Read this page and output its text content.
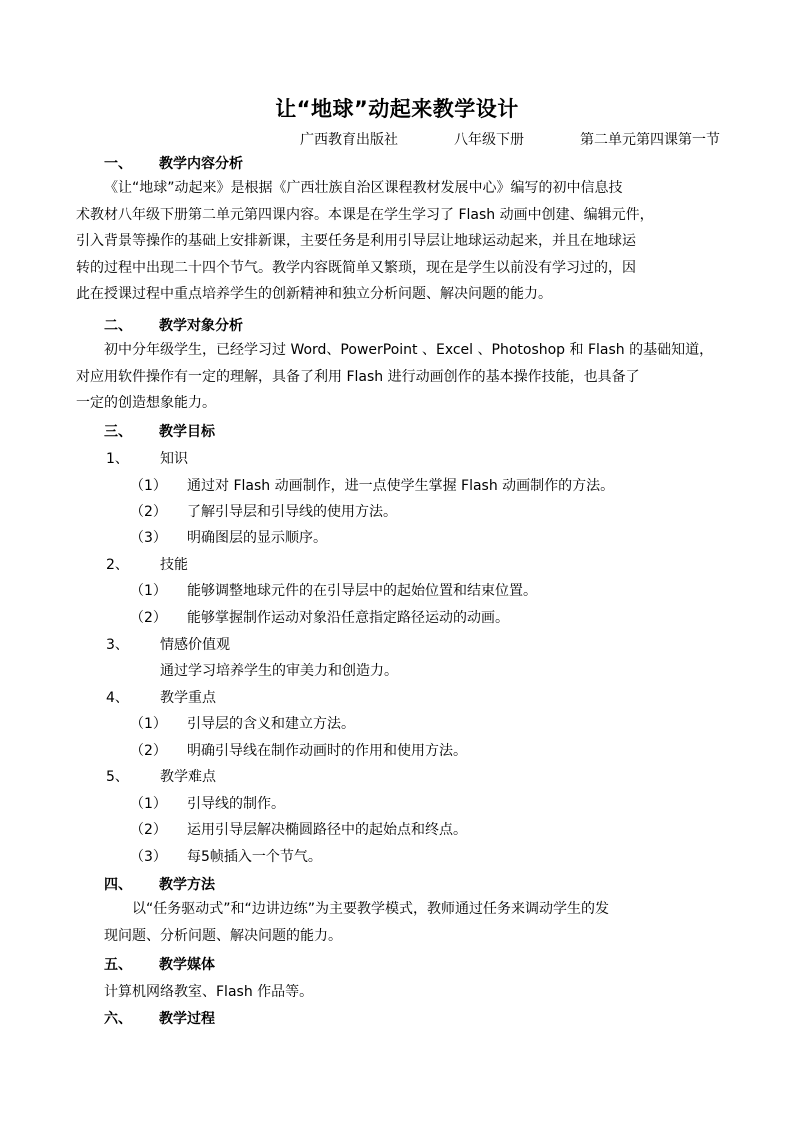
让“地球”动起来教学设计
广西教育出版社	八年级下册	第二单元第四课第一节
一、 教学内容分析
《让“地球”动起来》是根据《广西壮族自治区课程教材发展中心》编写的初中信息技
术教材八年级下册第二单元第四课内容。本课是在学生学习了 Flash 动画中创建、编辑元件，
引入背景等操作的基础上安排新课，主要任务是利用引导层让地球运动起来，并且在地球运
转的过程中出现二十四个节气。教学内容既简单又繁琐，现在是学生以前没有学习过的，因
此在授课过程中重点培养学生的创新精神和独立分析问题、解决问题的能力。
二、 教学对象分析
初中分年级学生，已经学习过 Word、PowerPoint 、Excel 、Photoshop 和 Flash 的基础知道，
对应用软件操作有一定的理解，具备了利用 Flash 进行动画创作的基本操作技能，也具备了
一定的创造想象能力。
三、 教学目标
1、 知识
（1） 通过对 Flash 动画制作，进一点使学生掌握 Flash 动画制作的方法。
（2） 了解引导层和引导线的使用方法。
（3） 明确图层的显示顺序。
2、 技能
（1） 能够调整地球元件的在引导层中的起始位置和结束位置。
（2） 能够掌握制作运动对象沿任意指定路径运动的动画。
3、 情感价值观
通过学习培养学生的审美力和创造力。
4、 教学重点
（1） 引导层的含义和建立方法。
（2） 明确引导线在制作动画时的作用和使用方法。
5、 教学难点
（1） 引导线的制作。
（2） 运用引导层解决椭圆路径中的起始点和终点。
（3） 每5帧插入一个节气。
四、 教学方法
以“任务驱动式”和“边讲边练”为主要教学模式，教师通过任务来调动学生的发
现问题、分析问题、解决问题的能力。
五、 教学媒体
计算机网络教室、Flash 作品等。
六、 教学过程
